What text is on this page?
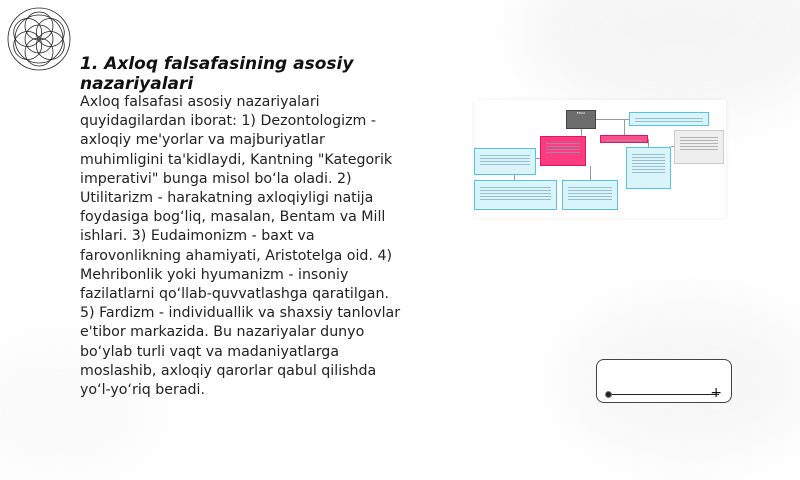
1. Axloq falsafasining asosiy nazariyalari

Axloq falsafasi asosiy nazariyalari quyidagilardan iborat: 1) Dezontologizm - axloqiy me'yorlar va majburiyatlar muhimligini ta'kidlaydi, Kantning "Kategorik imperativi" bunga misol bo‘la oladi. 2) Utilitarizm - harakatning axloqiyligi natija foydasiga bog‘liq, masalan, Bentam va Mill ishlari. 3) Eudaimonizm - baxt va farovonlikning ahamiyati, Aristotelga oid. 4) Mehribonlik yoki hyumanizm - insoniy fazilatlarni qo‘llab-quvvatlashga qaratilgan. 5) Fardizm - individuallik va shaxsiy tanlovlar e'tibor markazida. Bu nazariyalar dunyo bo‘ylab turli vaqt va madaniyatlarga moslashib, axloqiy qarorlar qabul qilishda yo‘l-yo‘riq beradi.

ETIKA
+
